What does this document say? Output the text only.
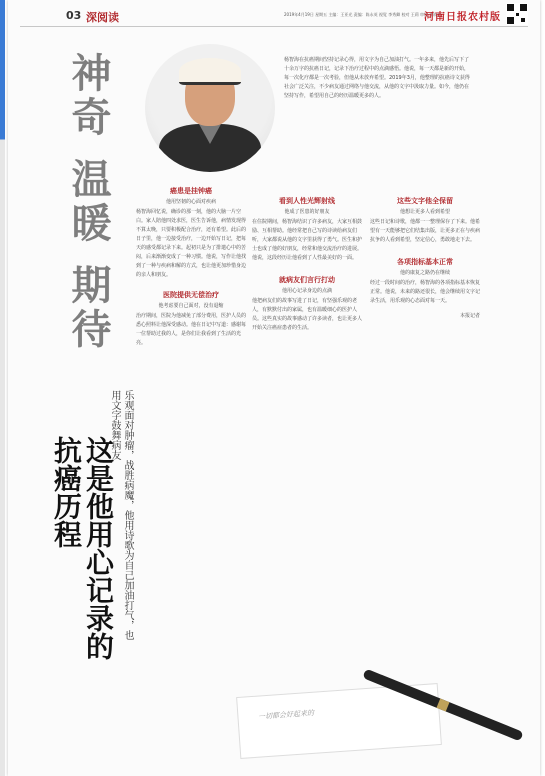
03 深阅读	2019年4月19日 星期五 主编：王亚光 责编：陈永英 视觉 李秀卿 校对 王莉 审校 崔晓斌
河南日报农村版
神奇 温暖 期待
这是他用心记录的抗癌历程	乐观面对肿瘤，战胜病魔，他用诗歌为自己加油打气，也用文字鼓舞病友
杨智海在抗癌期间坚持记录心得，用文字为自己加油打气。一年多来，他先后写下了十余万字的抗癌日记，记录下治疗过程中的点滴感悟。他说，每一天都是新的开始，每一次化疗都是一次考验，但他从未放弃希望。2019年3月，他整理的抗癌诗文获得社会广泛关注，不少病友通过网络与他交流，从他的文字中汲取力量。如今，他仍在坚持写作，希望用自己的经历温暖更多的人。
癌患是挂钟癌
他用坚韧的心面对疾病
杨智海回忆说，确诊的那一刻，他的大脑一片空白。家人陪他四处求医，医生告诉他，病情发现得不算太晚，只要积极配合治疗，还有希望。此后的日子里，他一边接受治疗，一边开始写日记，把每天的感受都记录下来。起初只是为了排遣心中的苦闷，后来渐渐变成了一种习惯。他说，写作让他找到了一种与疾病和解的方式，也让他更加珍惜身边的亲人和朋友。
医院提供无偿治疗
他考虑要自己面对，没有退缩
治疗期间，医院为他减免了部分费用，医护人员的悉心照料让他深受感动。他在日记中写道：感谢每一位帮助过我的人，是你们让我看到了生活的光亮。
看到人性光辉射线
他成了医患的好朋友
在住院期间，杨智海结识了许多病友，大家互相鼓励、互相帮助。他经常把自己写的诗读给病友们听，大家都说从他的文字里获得了勇气。医生和护士也成了他的好朋友，经常和他交流治疗的进展。他说，这段经历让他看到了人性最美好的一面。
就病友们言行打动
他用心记录身边的点滴
他把病友们的故事写进了日记，有坚强乐观的老人，有默默付出的家属，也有温暖细心的医护人员。这些真实的故事感动了许多读者，也让更多人开始关注癌症患者的生活。
这些文字他全保留
他想让更多人看到希望
这些日记和诗歌，他都一一整理保存了下来。他希望有一天能够把它们结集出版，让更多正在与疾病抗争的人看到希望，坚定信心，勇敢地走下去。
各项指标基本正常
他的康复之路仍在继续
经过一段时间的治疗，杨智海的各项指标基本恢复正常。他说，未来的路还很长，他会继续用文字记录生活，用乐观的心态面对每一天。
本报记者
一切都会好起来的
